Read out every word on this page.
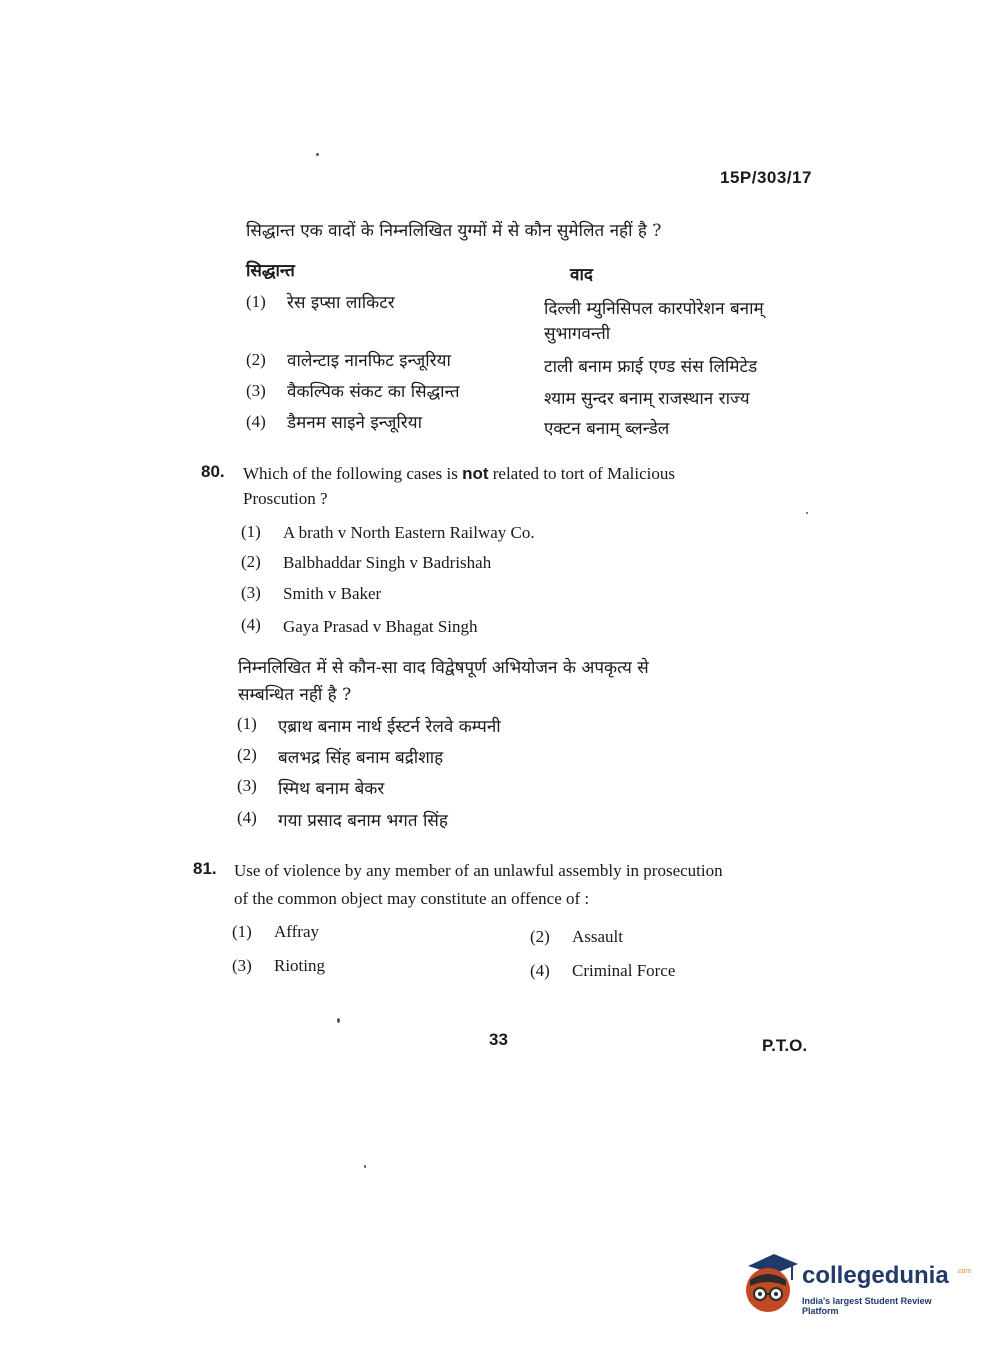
15P/303/17
सिद्धान्त एक वादों के निम्नलिखित युग्मों में से कौन सुमेलित नहीं है ?
सिद्धान्त	वाद
(1) रेस इप्सा लाकिटर	दिल्ली म्युनिसिपल कारपोरेशन बनाम्
सुभागवन्ती
(2) वालेन्टाइ नानफिट इन्जूरिया	टाली बनाम फ्राई एण्ड संस लिमिटेड
(3) वैकल्पिक संकट का सिद्धान्त	श्याम सुन्दर बनाम् राजस्थान राज्य
(4) डैमनम साइने इन्जूरिया	एक्टन बनाम् ब्लन्डेल
80. Which of the following cases is not related to tort of Malicious
Proscution ?
(1) A brath v North Eastern Railway Co.
(2) Balbhaddar Singh v Badrishah
(3) Smith v Baker
(4) Gaya Prasad v Bhagat Singh
निम्नलिखित में से कौन-सा वाद विद्वेषपूर्ण अभियोजन के अपकृत्य से
सम्बन्धित नहीं है ?
(1) एब्राथ बनाम नार्थ ईस्टर्न रेलवे कम्पनी
(2) बलभद्र सिंह बनाम बद्रीशाह
(3) स्मिथ बनाम बेकर
(4) गया प्रसाद बनाम भगत सिंह
81. Use of violence by any member of an unlawful assembly in prosecution
of the common object may constitute an offence of :
(1) Affray	(2) Assault
(3) Rioting	(4) Criminal Force
33	P.T.O.
collegedunia .com
India's largest Student Review Platform
